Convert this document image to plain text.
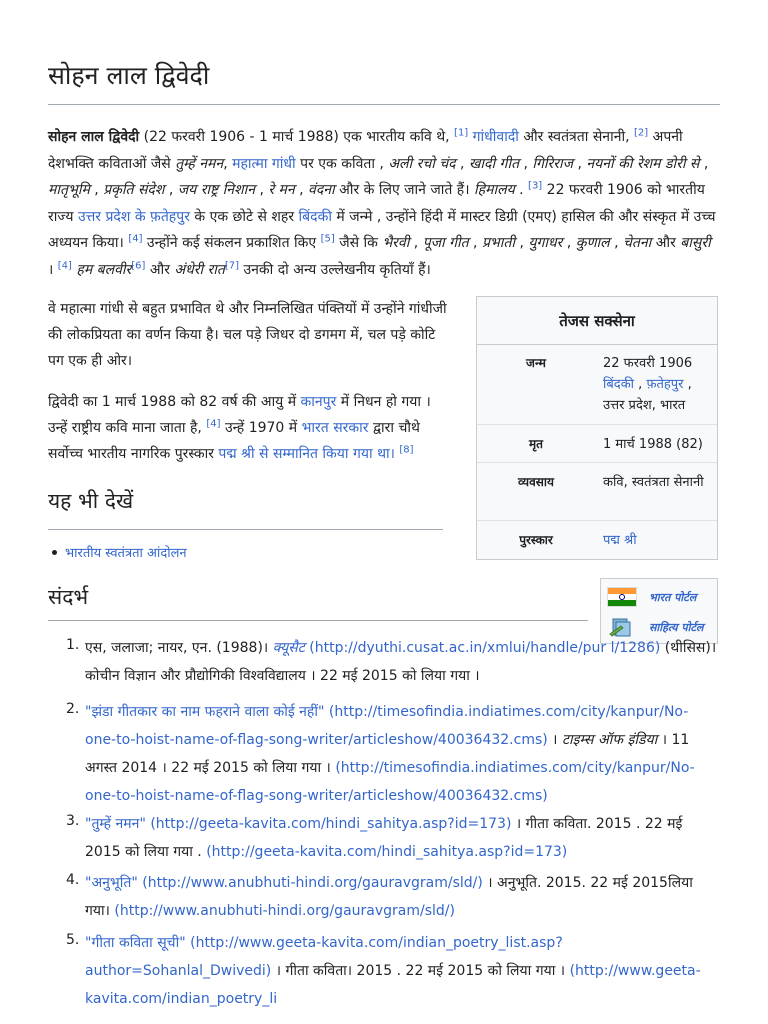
सोहन लाल द्विवेदी
सोहन लाल द्विवेदी (22 फरवरी 1906 - 1 मार्च 1988) एक भारतीय कवि थे, [1] गांधीवादी और स्वतंत्रता सेनानी, [2] अपनी देशभक्ति कविताओं जैसे तुम्हें नमन, महात्मा गांधी पर एक कविता , अली रचो चंद , खादी गीत , गिरिराज , नयनों की रेशम डोरी से , मातृभूमि , प्रकृति संदेश , जय राष्ट्र निशान , रे मन , वंदना और के लिए जाने जाते हैं। हिमालय . [3] 22 फरवरी 1906 को भारतीय राज्य उत्तर प्रदेश के फ़तेहपुर के एक छोटे से शहर बिंदकी में जन्मे , उन्होंने हिंदी में मास्टर डिग्री (एमए) हासिल की और संस्कृत में उच्च अध्ययन किया। [4] उन्होंने कई संकलन प्रकाशित किए [5] जैसे कि भैरवी , पूजा गीत , प्रभाती , युगाधर , कुणाल , चेतना और बासुरी । [4] हम बलवीर[6] और अंधेरी रात[7] उनकी दो अन्य उल्लेखनीय कृतियाँ हैं।
वे महात्मा गांधी से बहुत प्रभावित थे और निम्नलिखित पंक्तियों में उन्होंने गांधीजी की लोकप्रियता का वर्णन किया है। चल पड़े जिधर दो डगमग में, चल पड़े कोटि पग एक ही ओर।
द्विवेदी का 1 मार्च 1988 को 82 वर्ष की आयु में कानपुर में निधन हो गया । उन्हें राष्ट्रीय कवि माना जाता है, [4] उन्हें 1970 में भारत सरकार द्वारा चौथे सर्वोच्च भारतीय नागरिक पुरस्कार पद्म श्री से सम्मानित किया गया था। [8]
तेजस सक्सेना
जन्म	22 फरवरी 1906
बिंदकी , फ़तेहपुर , उत्तर प्रदेश, भारत
मृत	1 मार्च 1988 (82)
व्यवसाय	कवि, स्वतंत्रता सेनानी
पुरस्कार	पद्म श्री
यह भी देखें
भारतीय स्वतंत्रता आंदोलन
संदर्भ	भारत पोर्टल
साहित्य पोर्टल
1. एस, जलाजा; नायर, एन. (1988)। क्यूसैट (http://dyuthi.cusat.ac.in/xmlui/handle/pur l/1286) (थीसिस)। कोचीन विज्ञान और प्रौद्योगिकी विश्वविद्यालय । 22 मई 2015 को लिया गया ।
2. "झंडा गीतकार का नाम फहराने वाला कोई नहीं" (http://timesofindia.indiatimes.com/city/kanpur/No-one-to-hoist-name-of-flag-song-writer/articleshow/40036432.cms) । टाइम्स ऑफ इंडिया । 11 अगस्त 2014 । 22 मई 2015 को लिया गया । (http://timesofindia.indiatimes.com/city/kanpur/No-one-to-hoist-name-of-flag-song-writer/articleshow/40036432.cms)
3. "तुम्हें नमन" (http://geeta-kavita.com/hindi_sahitya.asp?id=173) । गीता कविता. 2015 . 22 मई 2015 को लिया गया . (http://geeta-kavita.com/hindi_sahitya.asp?id=173)
4. "अनुभूति" (http://www.anubhuti-hindi.org/gauravgram/sld/) । अनुभूति. 2015. 22 मई 2015लिया गया। (http://www.anubhuti-hindi.org/gauravgram/sld/)
5. "गीता कविता सूची" (http://www.geeta-kavita.com/indian_poetry_list.asp?author=Sohanlal_Dwivedi) । गीता कविता। 2015 . 22 मई 2015 को लिया गया । (http://www.geeta-kavita.com/indian_poetry_li
